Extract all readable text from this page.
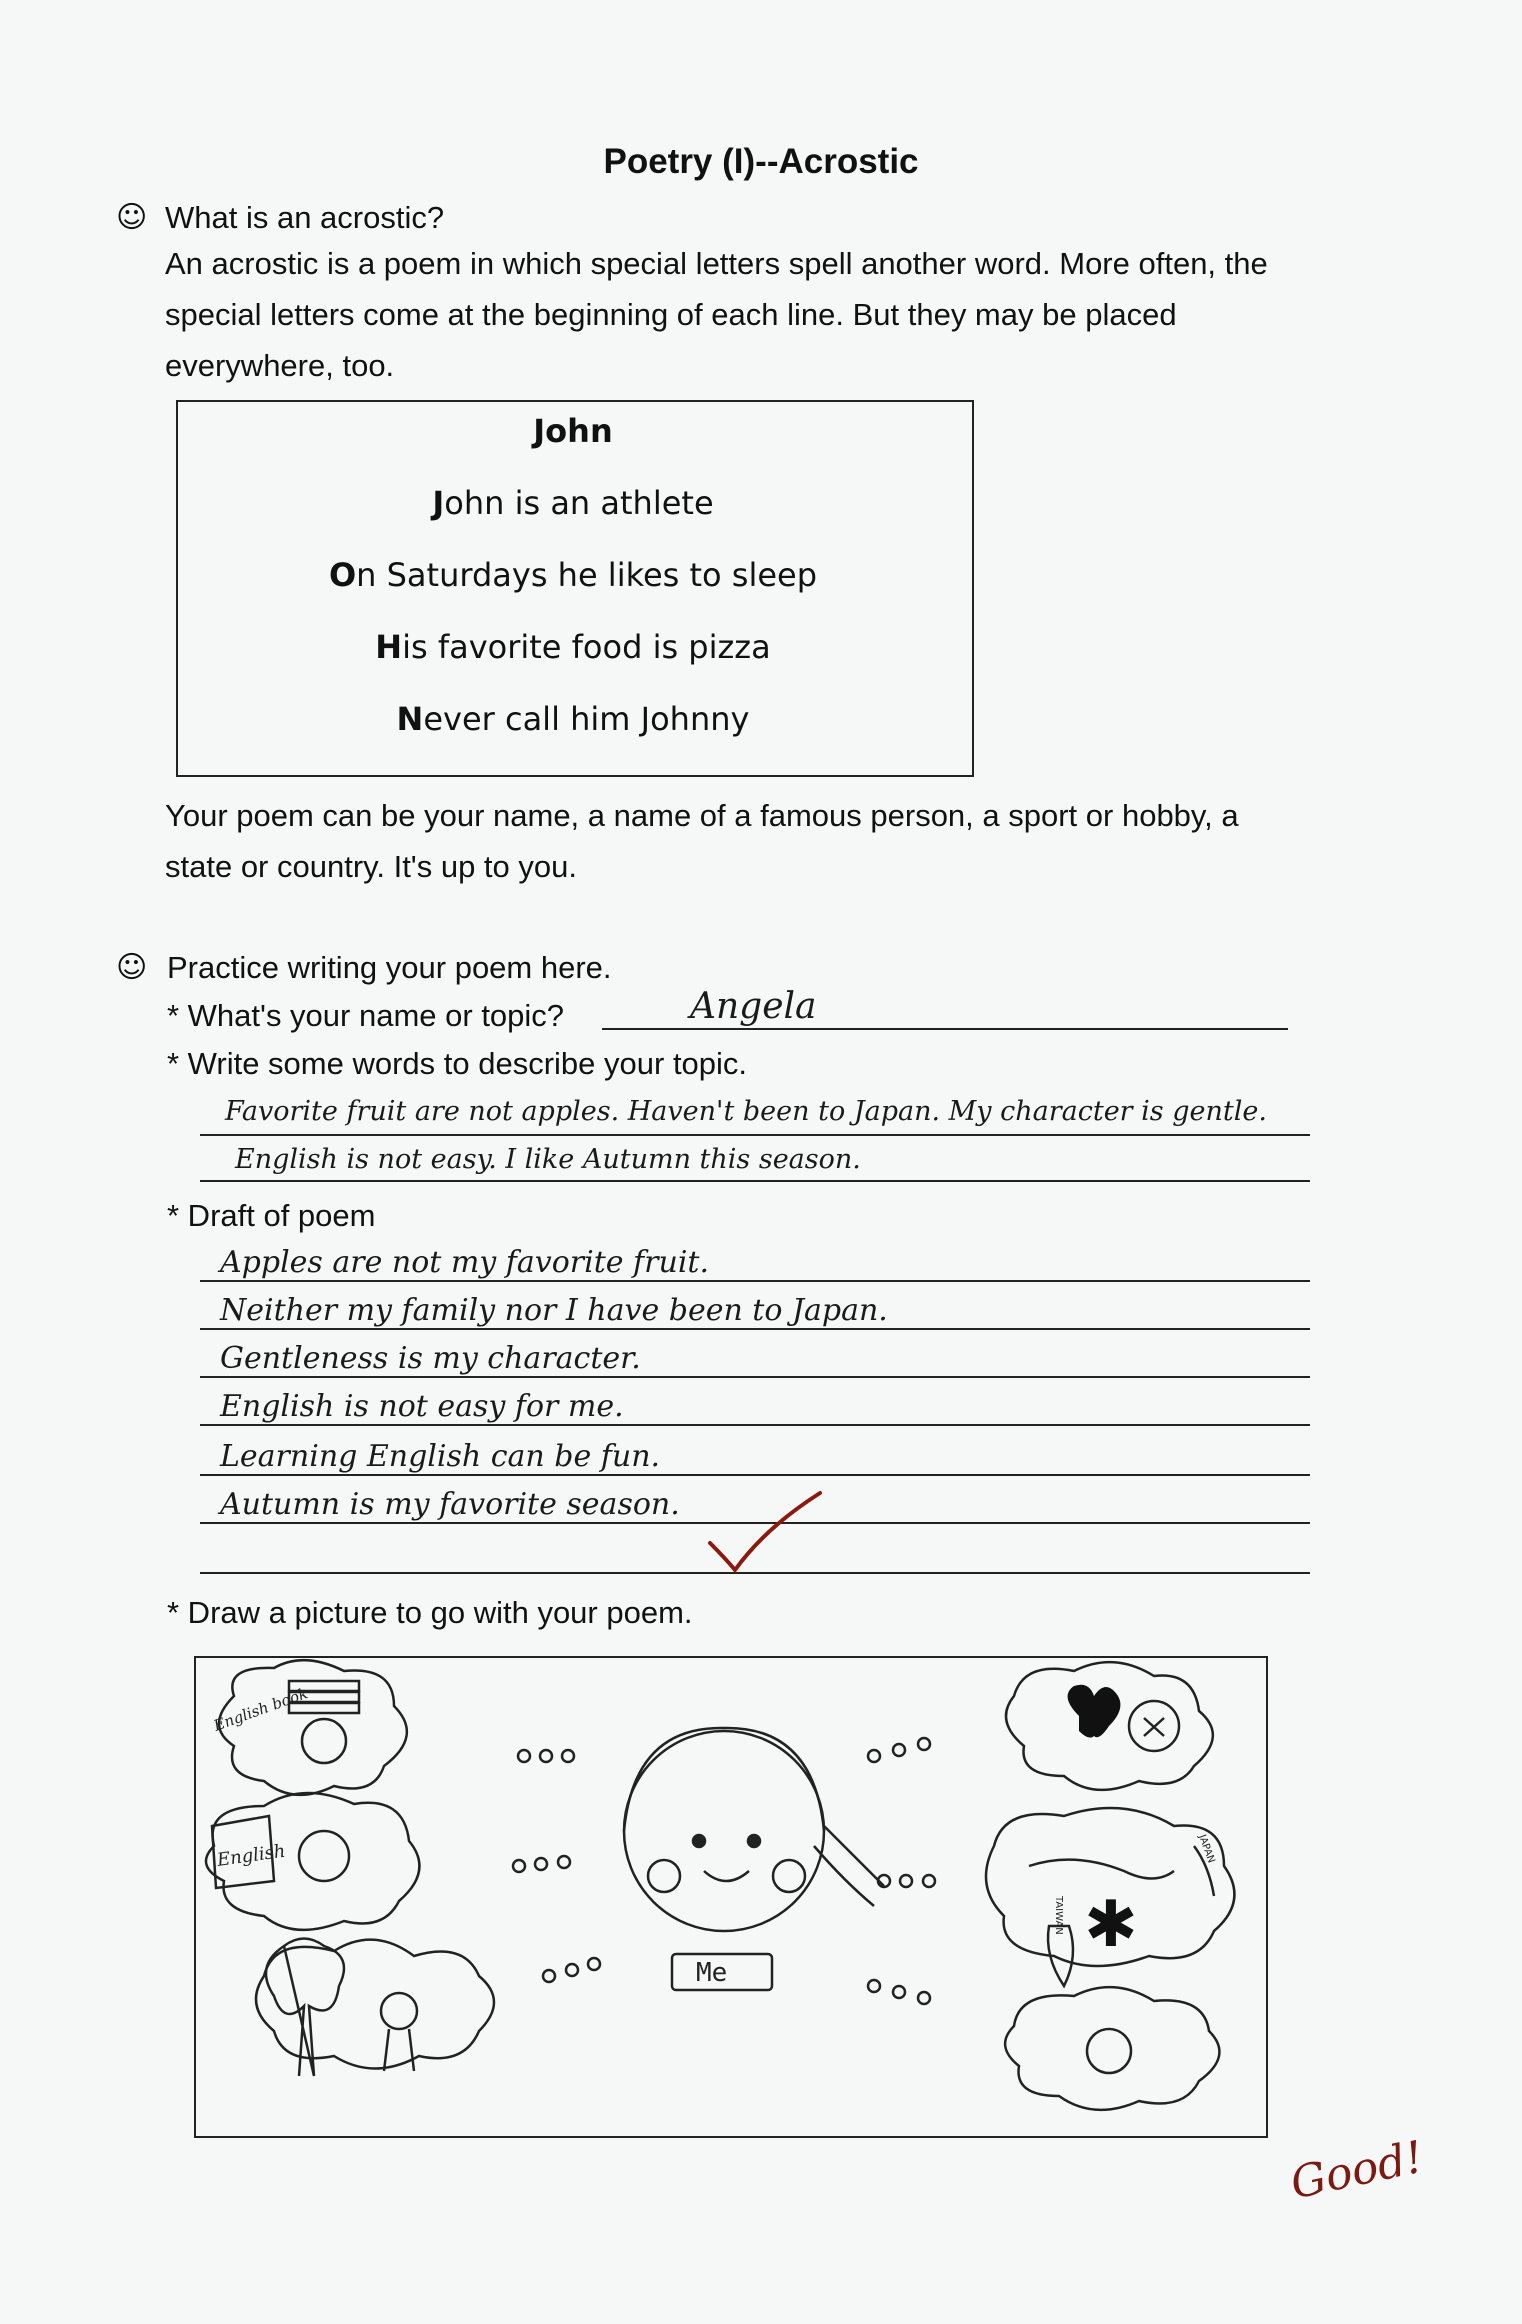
Poetry (I)--Acrostic
☺ What is an acrostic?
An acrostic is a poem in which special letters spell another word. More often, the
special letters come at the beginning of each line. But they may be placed
everywhere, too.
John
John is an athlete
On Saturdays he likes to sleep
His favorite food is pizza
Never call him Johnny
Your poem can be your name, a name of a famous person, a sport or hobby, a
state or country. It's up to you.
☺ Practice writing your poem here.
* What's your name or topic?	Angela
* Write some words to describe your topic.
Favorite fruit are not apples. Haven't been to Japan. My character is gentle.
English is not easy. I like Autumn this season.
* Draft of poem
Apples are not my favorite fruit.
Neither my family nor I have been to Japan.
Gentleness is my character.
English is not easy for me.
Learning English can be fun.
Autumn is my favorite season.
* Draw a picture to go with your poem.
✱
English book
English
Me
TAIWAN
JAPAN
Good!
